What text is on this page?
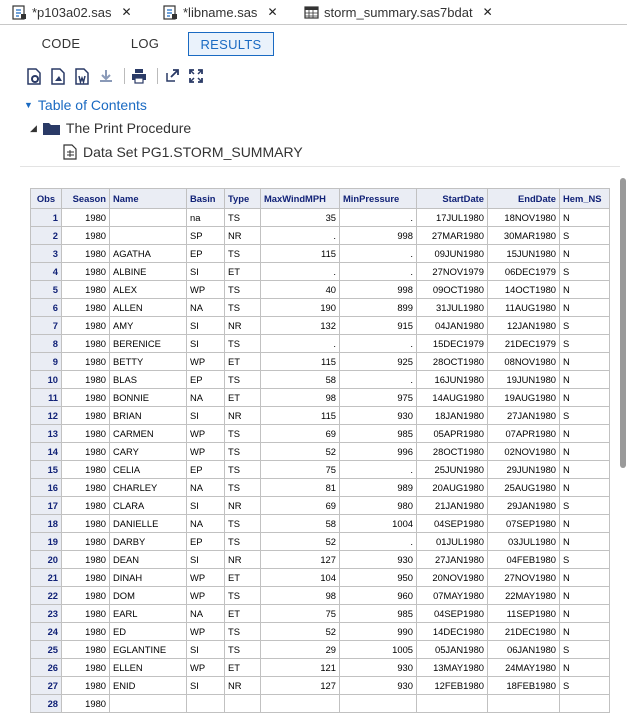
*p103a02.sas ✕	*libname.sas ✕	storm_summary.sas7bdat ✕
CODE	LOG	RESULTS
▼ Table of Contents
◢ The Print Procedure
Data Set PG1.STORM_SUMMARY
Obs	Season	Name	Basin	Type	MaxWindMPH	MinPressure	StartDate	EndDate	Hem_NS
1	1980		na	TS	35	.	17JUL1980	18NOV1980	N
2	1980		SP	NR	.	998	27MAR1980	30MAR1980	S
3	1980	AGATHA	EP	TS	115	.	09JUN1980	15JUN1980	N
4	1980	ALBINE	SI	ET	.	.	27NOV1979	06DEC1979	S
5	1980	ALEX	WP	TS	40	998	09OCT1980	14OCT1980	N
6	1980	ALLEN	NA	TS	190	899	31JUL1980	11AUG1980	N
7	1980	AMY	SI	NR	132	915	04JAN1980	12JAN1980	S
8	1980	BERENICE	SI	TS	.	.	15DEC1979	21DEC1979	S
9	1980	BETTY	WP	ET	115	925	28OCT1980	08NOV1980	N
10	1980	BLAS	EP	TS	58	.	16JUN1980	19JUN1980	N
11	1980	BONNIE	NA	ET	98	975	14AUG1980	19AUG1980	N
12	1980	BRIAN	SI	NR	115	930	18JAN1980	27JAN1980	S
13	1980	CARMEN	WP	TS	69	985	05APR1980	07APR1980	N
14	1980	CARY	WP	TS	52	996	28OCT1980	02NOV1980	N
15	1980	CELIA	EP	TS	75	.	25JUN1980	29JUN1980	N
16	1980	CHARLEY	NA	TS	81	989	20AUG1980	25AUG1980	N
17	1980	CLARA	SI	NR	69	980	21JAN1980	29JAN1980	S
18	1980	DANIELLE	NA	TS	58	1004	04SEP1980	07SEP1980	N
19	1980	DARBY	EP	TS	52	.	01JUL1980	03JUL1980	N
20	1980	DEAN	SI	NR	127	930	27JAN1980	04FEB1980	S
21	1980	DINAH	WP	ET	104	950	20NOV1980	27NOV1980	N
22	1980	DOM	WP	TS	98	960	07MAY1980	22MAY1980	N
23	1980	EARL	NA	ET	75	985	04SEP1980	11SEP1980	N
24	1980	ED	WP	TS	52	990	14DEC1980	21DEC1980	N
25	1980	EGLANTINE	SI	TS	29	1005	05JAN1980	06JAN1980	S
26	1980	ELLEN	WP	ET	121	930	13MAY1980	24MAY1980	N
27	1980	ENID	SI	NR	127	930	12FEB1980	18FEB1980	S
28	1980								
